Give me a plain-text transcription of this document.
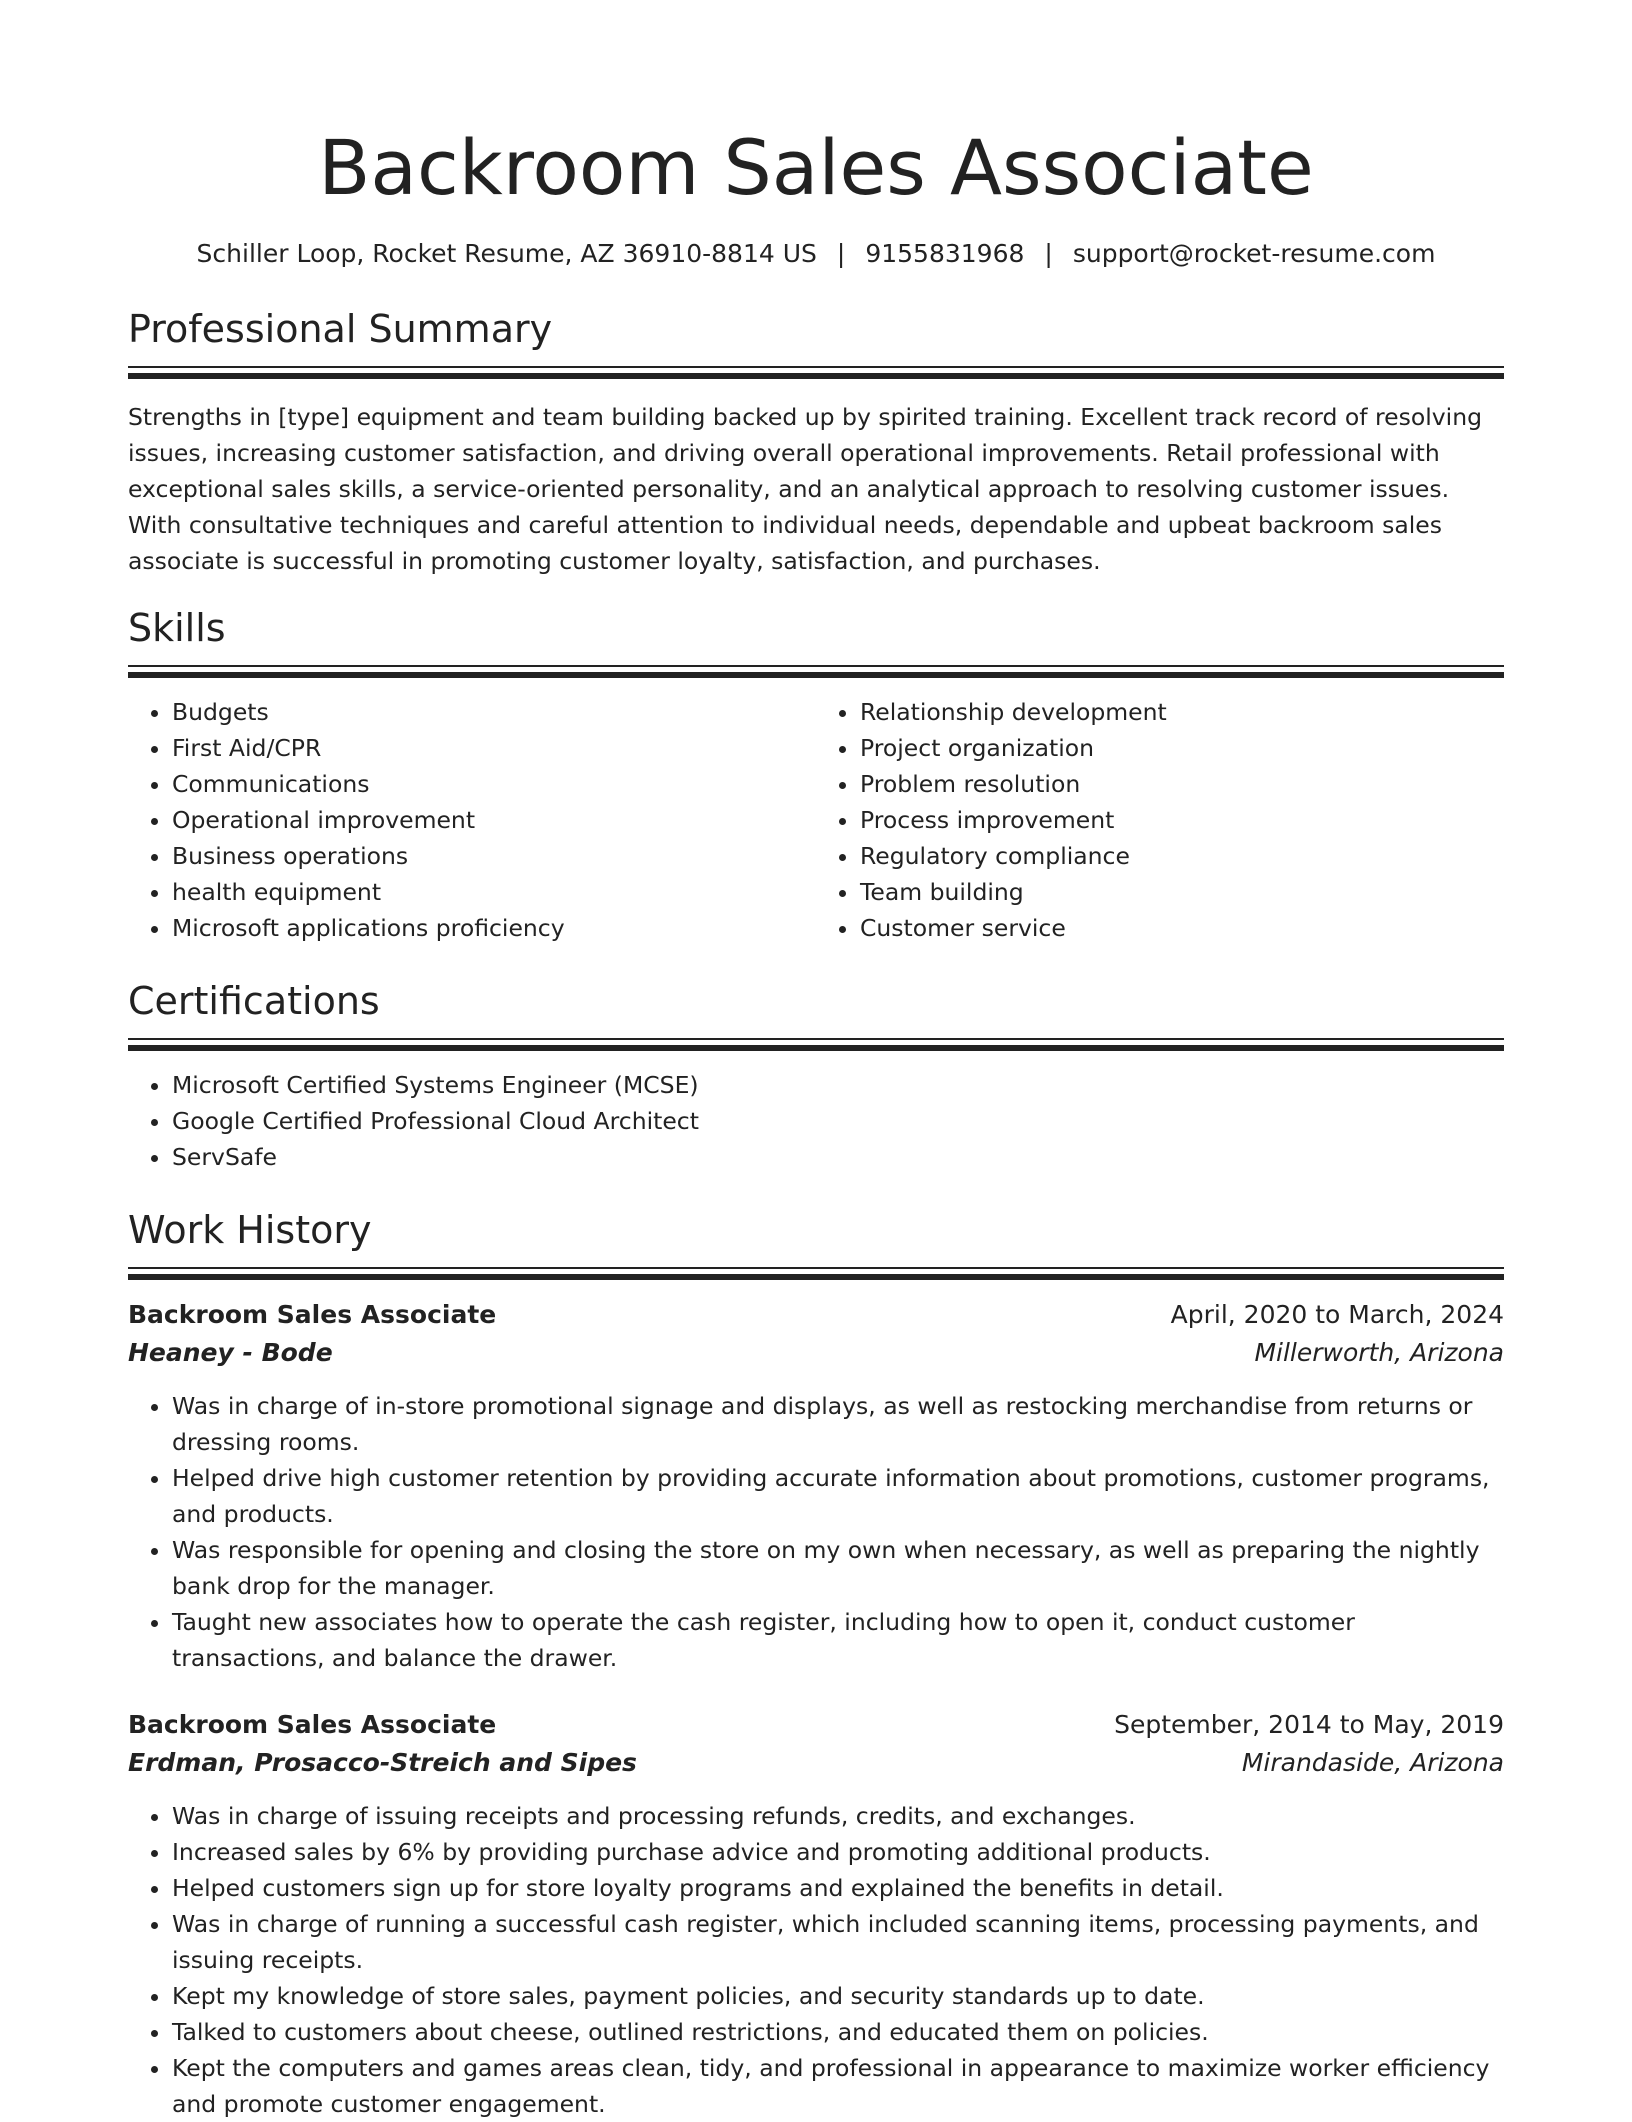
Backroom Sales Associate
Schiller Loop, Rocket Resume, AZ 36910-8814 US | 9155831968 | support@rocket-resume.com
Professional Summary

Strengths in [type] equipment and team building backed up by spirited training. Excellent track record of resolving issues, increasing customer satisfaction, and driving overall operational improvements. Retail professional with exceptional sales skills, a service-oriented personality, and an analytical approach to resolving customer issues. With consultative techniques and careful attention to individual needs, dependable and upbeat backroom sales associate is successful in promoting customer loyalty, satisfaction, and purchases.

Skills
• Budgets
• First Aid/CPR
• Communications
• Operational improvement
• Business operations
• health equipment
• Microsoft applications proficiency
• Relationship development
• Project organization
• Problem resolution
• Process improvement
• Regulatory compliance
• Team building
• Customer service
Certifications
• Microsoft Certified Systems Engineer (MCSE)
• Google Certified Professional Cloud Architect
• ServSafe
Work History
Backroom Sales Associate	April, 2020 to March, 2024
Heaney - Bode	Millerworth, Arizona
• Was in charge of in-store promotional signage and displays, as well as restocking merchandise from returns or dressing rooms.
• Helped drive high customer retention by providing accurate information about promotions, customer programs, and products.
• Was responsible for opening and closing the store on my own when necessary, as well as preparing the nightly bank drop for the manager.
• Taught new associates how to operate the cash register, including how to open it, conduct customer transactions, and balance the drawer.
Backroom Sales Associate	September, 2014 to May, 2019
Erdman, Prosacco-Streich and Sipes	Mirandaside, Arizona
• Was in charge of issuing receipts and processing refunds, credits, and exchanges.
• Increased sales by 6% by providing purchase advice and promoting additional products.
• Helped customers sign up for store loyalty programs and explained the benefits in detail.
• Was in charge of running a successful cash register, which included scanning items, processing payments, and issuing receipts.
• Kept my knowledge of store sales, payment policies, and security standards up to date.
• Talked to customers about cheese, outlined restrictions, and educated them on policies.
• Kept the computers and games areas clean, tidy, and professional in appearance to maximize worker efficiency and promote customer engagement.
